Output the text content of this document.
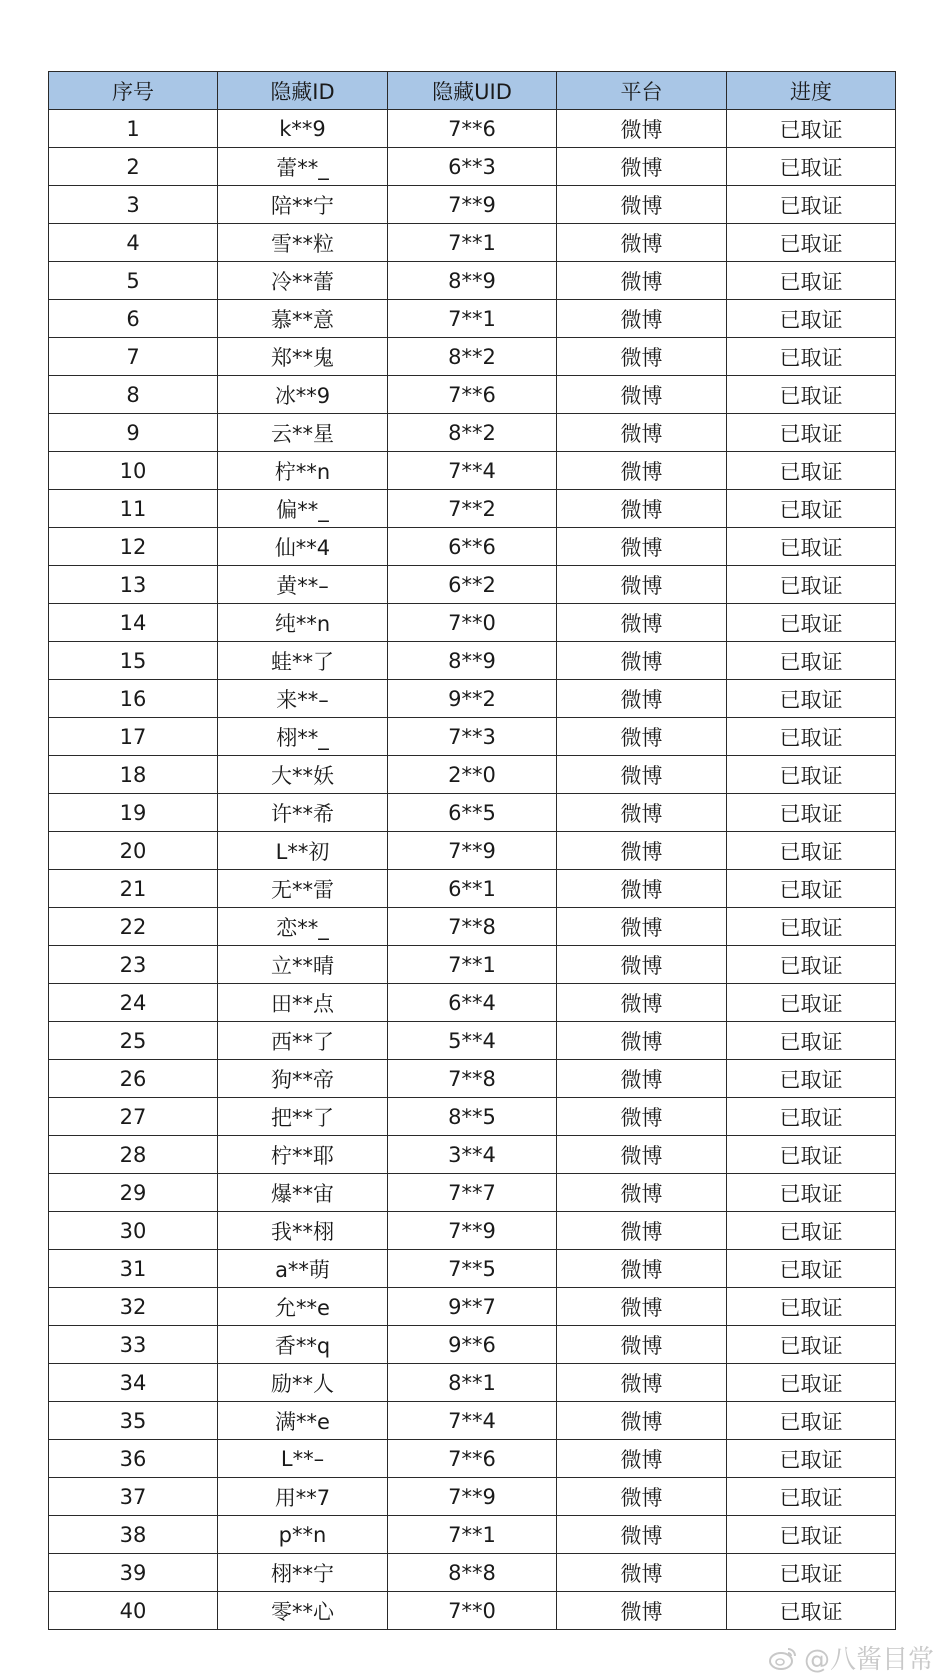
序号	隐藏ID	隐藏UID	平台	进度
1	k**9	7**6	微博	已取证
2	蕾**_	6**3	微博	已取证
3	陪**宁	7**9	微博	已取证
4	雪**粒	7**1	微博	已取证
5	冷**蕾	8**9	微博	已取证
6	慕**意	7**1	微博	已取证
7	郑**鬼	8**2	微博	已取证
8	冰**9	7**6	微博	已取证
9	云**星	8**2	微博	已取证
10	柠**n	7**4	微博	已取证
11	偏**_	7**2	微博	已取证
12	仙**4	6**6	微博	已取证
13	黄**–	6**2	微博	已取证
14	纯**n	7**0	微博	已取证
15	蛙**了	8**9	微博	已取证
16	来**–	9**2	微博	已取证
17	栩**_	7**3	微博	已取证
18	大**妖	2**0	微博	已取证
19	许**希	6**5	微博	已取证
20	L**初	7**9	微博	已取证
21	无**雷	6**1	微博	已取证
22	恋**_	7**8	微博	已取证
23	立**晴	7**1	微博	已取证
24	田**点	6**4	微博	已取证
25	西**了	5**4	微博	已取证
26	狗**帝	7**8	微博	已取证
27	把**了	8**5	微博	已取证
28	柠**耶	3**4	微博	已取证
29	爆**宙	7**7	微博	已取证
30	我**栩	7**9	微博	已取证
31	a**萌	7**5	微博	已取证
32	允**e	9**7	微博	已取证
33	香**q	9**6	微博	已取证
34	励**人	8**1	微博	已取证
35	满**e	7**4	微博	已取证
36	L**–	7**6	微博	已取证
37	用**7	7**9	微博	已取证
38	p**n	7**1	微博	已取证
39	栩**宁	8**8	微博	已取证
40	零**心	7**0	微博	已取证
@八酱目常
